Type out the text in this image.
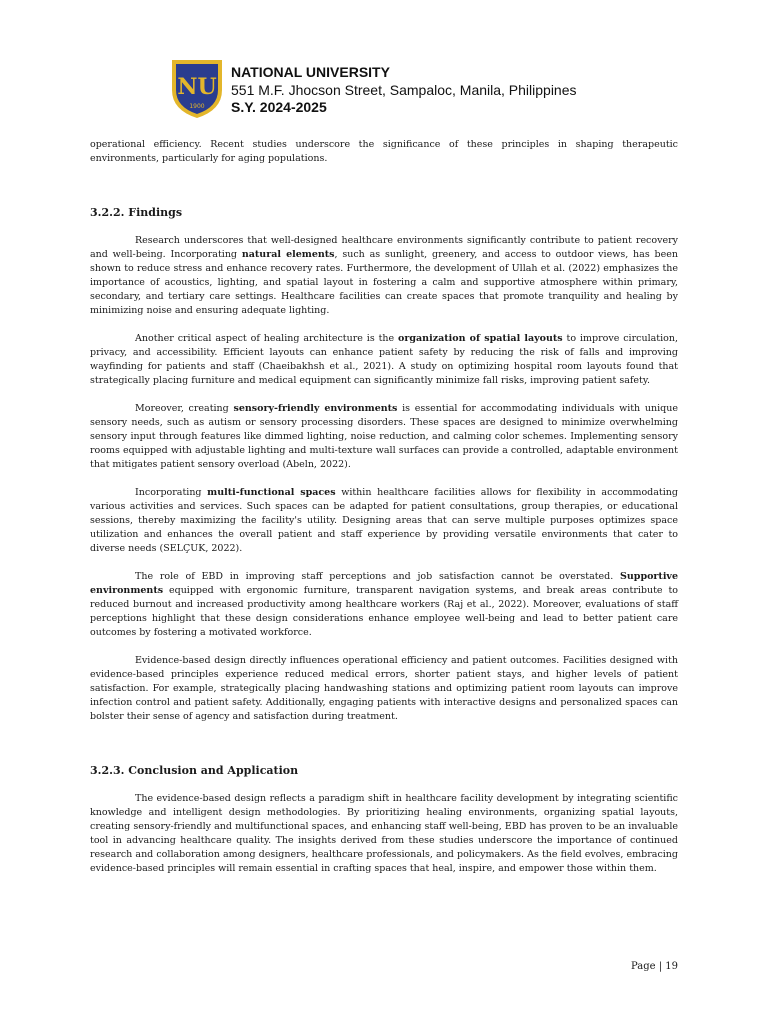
NU
1900
NATIONAL UNIVERSITY
551 M.F. Jhocson Street, Sampaloc, Manila, Philippines
S.Y. 2024-2025

operational efficiency. Recent studies underscore the significance of these principles in shaping therapeutic environments, particularly for aging populations.

3.2.2. Findings

Research underscores that well-designed healthcare environments significantly contribute to patient recovery and well-being. Incorporating natural elements, such as sunlight, greenery, and access to outdoor views, has been shown to reduce stress and enhance recovery rates. Furthermore, the development of Ullah et al. (2022) emphasizes the importance of acoustics, lighting, and spatial layout in fostering a calm and supportive atmosphere within primary, secondary, and tertiary care settings. Healthcare facilities can create spaces that promote tranquility and healing by minimizing noise and ensuring adequate lighting.

Another critical aspect of healing architecture is the organization of spatial layouts to improve circulation, privacy, and accessibility. Efficient layouts can enhance patient safety by reducing the risk of falls and improving wayfinding for patients and staff (Chaeibakhsh et al., 2021). A study on optimizing hospital room layouts found that strategically placing furniture and medical equipment can significantly minimize fall risks, improving patient safety.

Moreover, creating sensory-friendly environments is essential for accommodating individuals with unique sensory needs, such as autism or sensory processing disorders. These spaces are designed to minimize overwhelming sensory input through features like dimmed lighting, noise reduction, and calming color schemes. Implementing sensory rooms equipped with adjustable lighting and multi-texture wall surfaces can provide a controlled, adaptable environment that mitigates patient sensory overload (Abeln, 2022).

Incorporating multi-functional spaces within healthcare facilities allows for flexibility in accommodating various activities and services. Such spaces can be adapted for patient consultations, group therapies, or educational sessions, thereby maximizing the facility's utility. Designing areas that can serve multiple purposes optimizes space utilization and enhances the overall patient and staff experience by providing versatile environments that cater to diverse needs (SELÇUK, 2022).

The role of EBD in improving staff perceptions and job satisfaction cannot be overstated. Supportive environments equipped with ergonomic furniture, transparent navigation systems, and break areas contribute to reduced burnout and increased productivity among healthcare workers (Raj et al., 2022). Moreover, evaluations of staff perceptions highlight that these design considerations enhance employee well-being and lead to better patient care outcomes by fostering a motivated workforce.

Evidence-based design directly influences operational efficiency and patient outcomes. Facilities designed with evidence-based principles experience reduced medical errors, shorter patient stays, and higher levels of patient satisfaction. For example, strategically placing handwashing stations and optimizing patient room layouts can improve infection control and patient safety. Additionally, engaging patients with interactive designs and personalized spaces can bolster their sense of agency and satisfaction during treatment.

3.2.3. Conclusion and Application

The evidence-based design reflects a paradigm shift in healthcare facility development by integrating scientific knowledge and intelligent design methodologies. By prioritizing healing environments, organizing spatial layouts, creating sensory-friendly and multifunctional spaces, and enhancing staff well-being, EBD has proven to be an invaluable tool in advancing healthcare quality. The insights derived from these studies underscore the importance of continued research and collaboration among designers, healthcare professionals, and policymakers. As the field evolves, embracing evidence-based principles will remain essential in crafting spaces that heal, inspire, and empower those within them.

Page | 19
